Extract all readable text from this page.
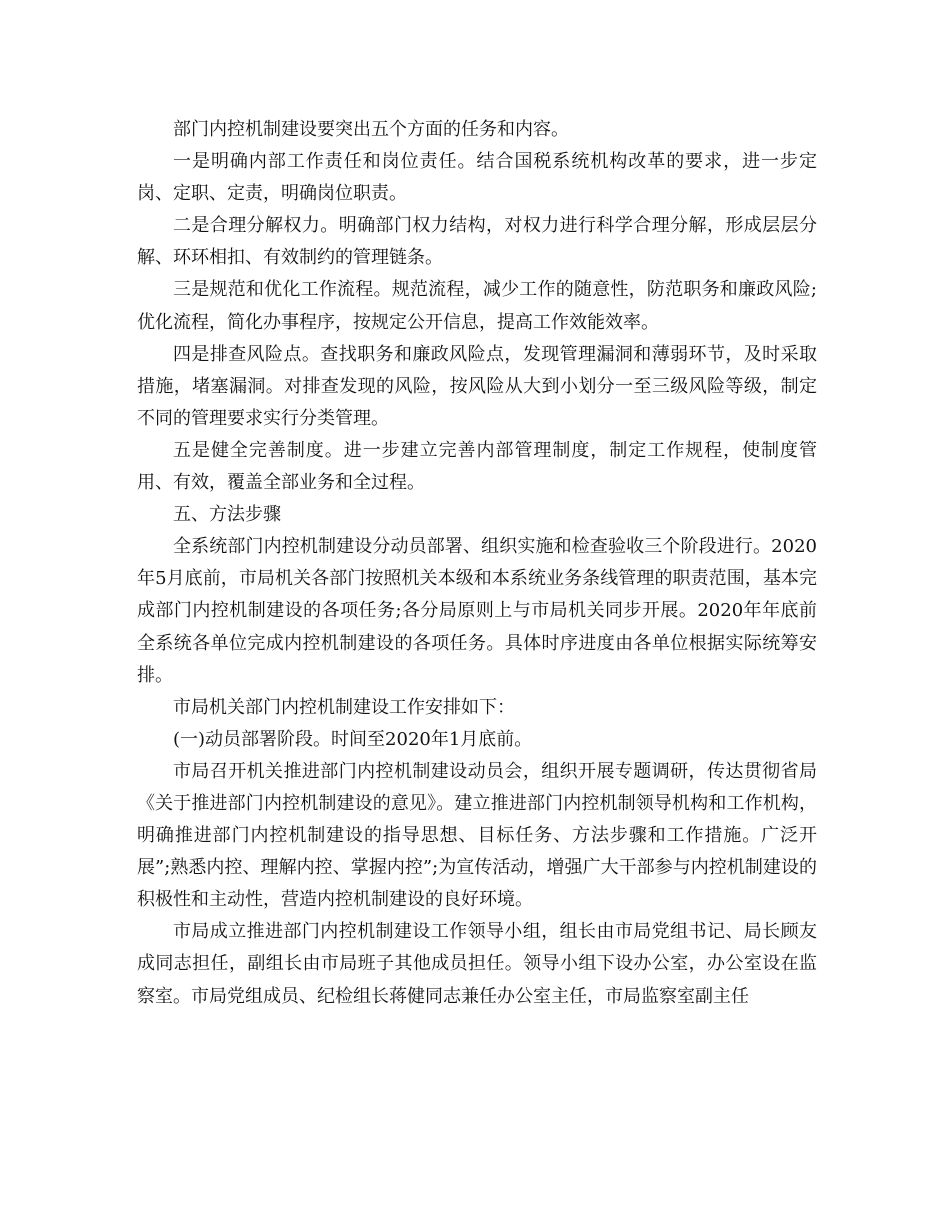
部门内控机制建设要突出五个方面的任务和内容。

一是明确内部工作责任和岗位责任。结合国税系统机构改革的要求，进一步定岗、定职、定责，明确岗位职责。

二是合理分解权力。明确部门权力结构，对权力进行科学合理分解，形成层层分解、环环相扣、有效制约的管理链条。

三是规范和优化工作流程。规范流程，减少工作的随意性，防范职务和廉政风险;优化流程，简化办事程序，按规定公开信息，提高工作效能效率。

四是排查风险点。查找职务和廉政风险点，发现管理漏洞和薄弱环节，及时采取措施，堵塞漏洞。对排查发现的风险，按风险从大到小划分一至三级风险等级，制定不同的管理要求实行分类管理。

五是健全完善制度。进一步建立完善内部管理制度，制定工作规程，使制度管用、有效，覆盖全部业务和全过程。

五、方法步骤

全系统部门内控机制建设分动员部署、组织实施和检查验收三个阶段进行。2020年5月底前，市局机关各部门按照机关本级和本系统业务条线管理的职责范围，基本完成部门内控机制建设的各项任务;各分局原则上与市局机关同步开展。2020年年底前全系统各单位完成内控机制建设的各项任务。具体时序进度由各单位根据实际统筹安排。

市局机关部门内控机制建设工作安排如下：

(一)动员部署阶段。时间至2020年1月底前。

市局召开机关推进部门内控机制建设动员会，组织开展专题调研，传达贯彻省局《关于推进部门内控机制建设的意见》。建立推进部门内控机制领导机构和工作机构，明确推进部门内控机制建设的指导思想、目标任务、方法步骤和工作措施。广泛开展”;熟悉内控、理解内控、掌握内控”;为宣传活动，增强广大干部参与内控机制建设的积极性和主动性，营造内控机制建设的良好环境。

市局成立推进部门内控机制建设工作领导小组，组长由市局党组书记、局长顾友成同志担任，副组长由市局班子其他成员担任。领导小组下设办公室，办公室设在监察室。市局党组成员、纪检组长蒋健同志兼任办公室主任，市局监察室副主任
